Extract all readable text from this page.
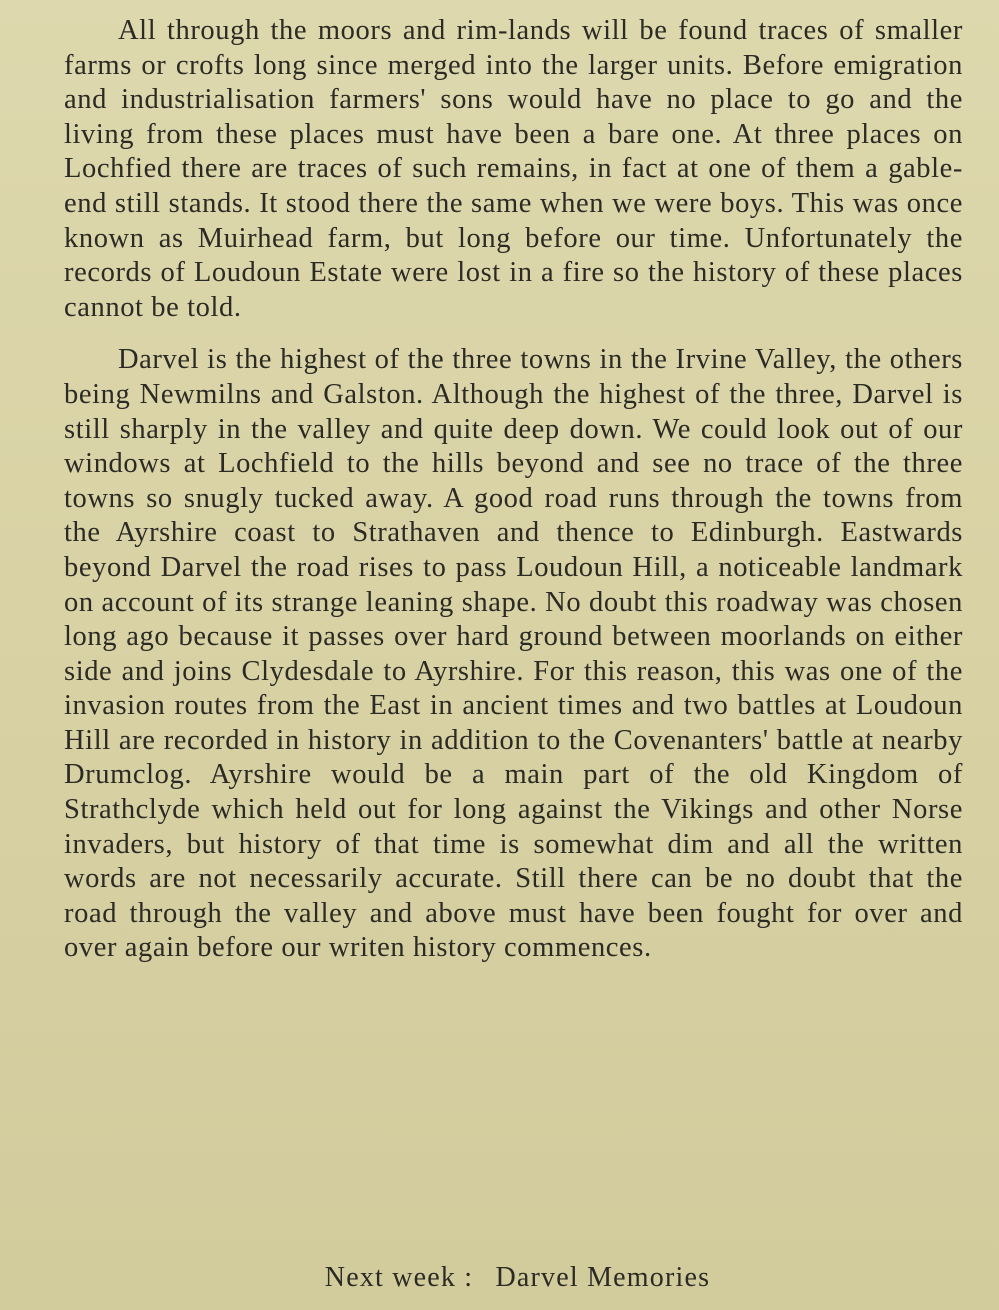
All through the moors and rim-lands will be found traces of smaller farms or crofts long since merged into the larger units. Before emigration and industrialisation farmers' sons would have no place to go and the living from these places must have been a bare one. At three places on Lochfied there are traces of such remains, in fact at one of them a gable-end still stands. It stood there the same when we were boys. This was once known as Muirhead farm, but long before our time. Unfortunately the records of Loudoun Estate were lost in a fire so the history of these places cannot be told.

Darvel is the highest of the three towns in the Irvine Valley, the others being Newmilns and Galston. Although the highest of the three, Darvel is still sharply in the valley and quite deep down. We could look out of our windows at Lochfield to the hills beyond and see no trace of the three towns so snugly tucked away. A good road runs through the towns from the Ayrshire coast to Strathaven and thence to Edinburgh. Eastwards beyond Darvel the road rises to pass Loudoun Hill, a noticeable landmark on account of its strange leaning shape. No doubt this roadway was chosen long ago because it passes over hard ground between moorlands on either side and joins Clydesdale to Ayrshire. For this reason, this was one of the invasion routes from the East in ancient times and two battles at Loudoun Hill are recorded in history in addition to the Covenanters' battle at nearby Drumclog. Ayrshire would be a main part of the old Kingdom of Strathclyde which held out for long against the Vikings and other Norse invaders, but history of that time is somewhat dim and all the written words are not necessarily accurate. Still there can be no doubt that the road through the valley and above must have been fought for over and over again before our writen history commences.

Next week : Darvel Memories
